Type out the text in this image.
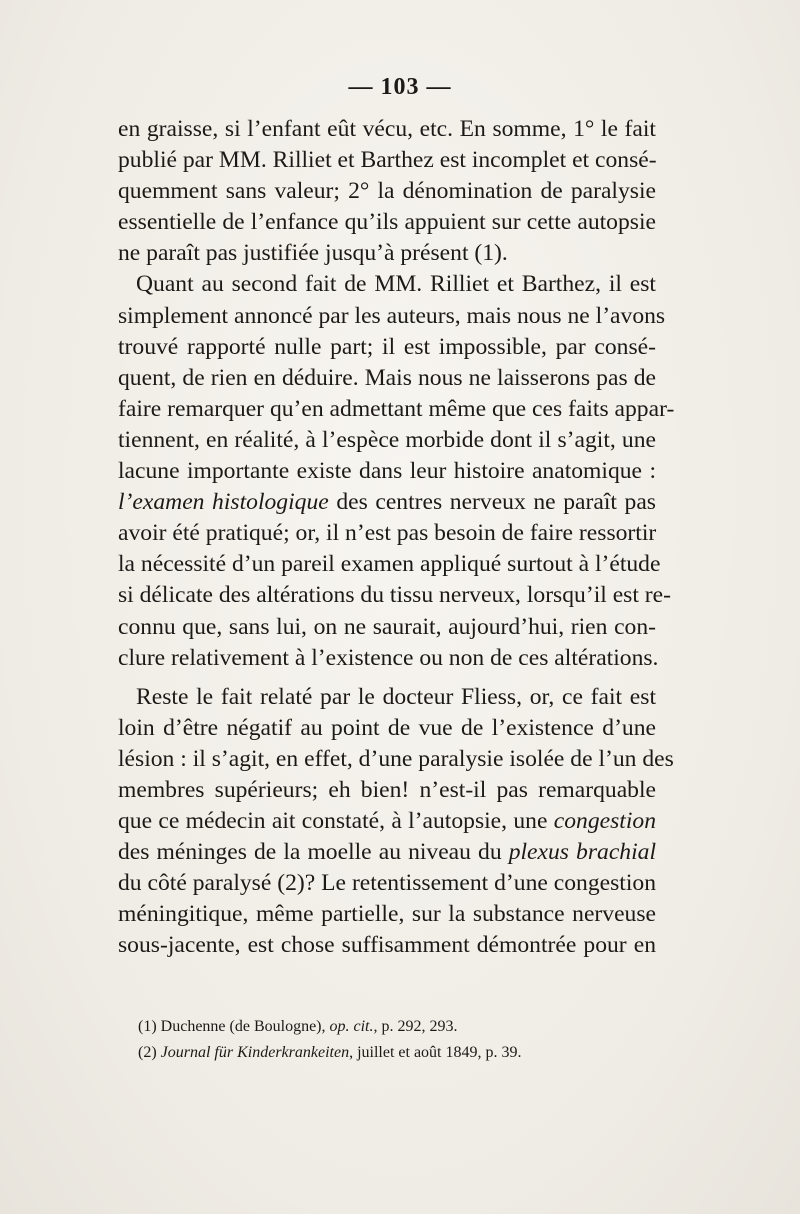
— 103 —
en graisse, si l’enfant eût vécu, etc. En somme, 1° le fait
publié par MM. Rilliet et Barthez est incomplet et consé-
quemment sans valeur; 2° la dénomination de paralysie
essentielle de l’enfance qu’ils appuient sur cette autopsie
ne paraît pas justifiée jusqu’à présent (1).
Quant au second fait de MM. Rilliet et Barthez, il est
simplement annoncé par les auteurs, mais nous ne l’avons
trouvé rapporté nulle part; il est impossible, par consé-
quent, de rien en déduire. Mais nous ne laisserons pas de
faire remarquer qu’en admettant même que ces faits appar-
tiennent, en réalité, à l’espèce morbide dont il s’agit, une
lacune importante existe dans leur histoire anatomique :
l’examen histologique des centres nerveux ne paraît pas
avoir été pratiqué; or, il n’est pas besoin de faire ressortir
la nécessité d’un pareil examen appliqué surtout à l’étude
si délicate des altérations du tissu nerveux, lorsqu’il est re-
connu que, sans lui, on ne saurait, aujourd’hui, rien con-
clure relativement à l’existence ou non de ces altérations.
Reste le fait relaté par le docteur Fliess, or, ce fait est
loin d’être négatif au point de vue de l’existence d’une
lésion : il s’agit, en effet, d’une paralysie isolée de l’un des
membres supérieurs; eh bien! n’est-il pas remarquable
que ce médecin ait constaté, à l’autopsie, une congestion
des méninges de la moelle au niveau du plexus brachial
du côté paralysé (2)? Le retentissement d’une congestion
méningitique, même partielle, sur la substance nerveuse
sous-jacente, est chose suffisamment démontrée pour en
(1) Duchenne (de Boulogne), op. cit., p. 292, 293.
(2) Journal für Kinderkrankeiten, juillet et août 1849, p. 39.
